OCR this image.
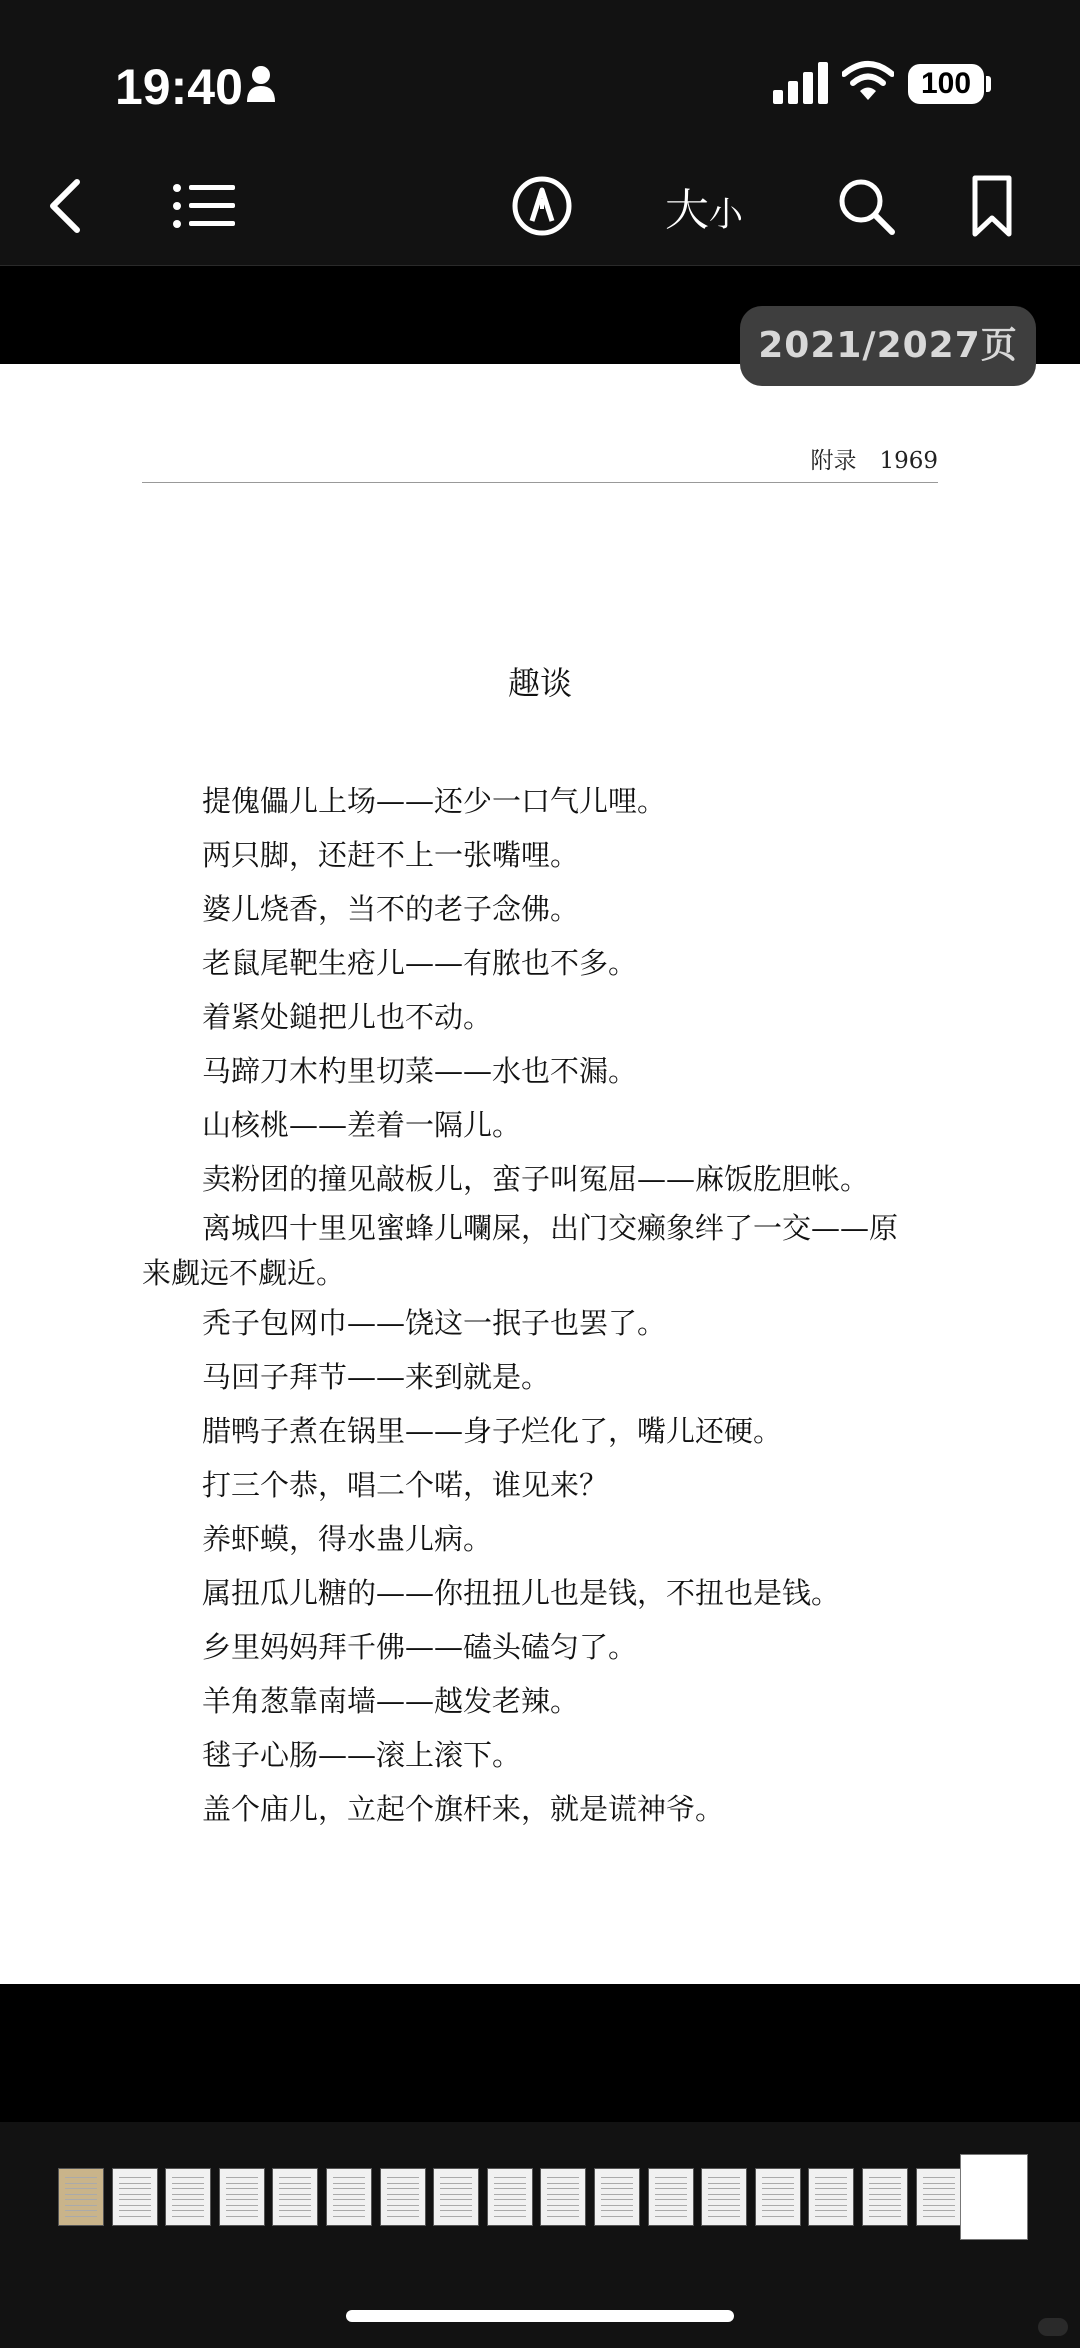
19:40	100
大 小
附录　1969
趣谈
提傀儡儿上场——还少一口气儿哩。
两只脚，还赶不上一张嘴哩。
婆儿烧香，当不的老子念佛。
老鼠尾靶生疮儿——有脓也不多。
着紧处鎚把儿也不动。
马蹄刀木杓里切菜——水也不漏。
山核桃——差着一隔儿。
卖粉团的撞见敲板儿，蛮子叫冤屈——麻饭肐胆帐。
离城四十里见蜜蜂儿㘓屎，出门交癞象绊了一交——原
来觑远不觑近。
秃子包网巾——饶这一抿子也罢了。
马回子拜节——来到就是。
腊鸭子煮在锅里——身子烂化了，嘴儿还硬。
打三个恭，唱二个喏，谁见来？
养虾蟆，得水蛊儿病。
属扭瓜儿糖的——你扭扭儿也是钱，不扭也是钱。
乡里妈妈拜千佛——磕头磕匀了。
羊角葱靠南墙——越发老辣。
毬子心肠——滚上滚下。
盖个庙儿，立起个旗杆来，就是谎神爷。
2021/2027页
